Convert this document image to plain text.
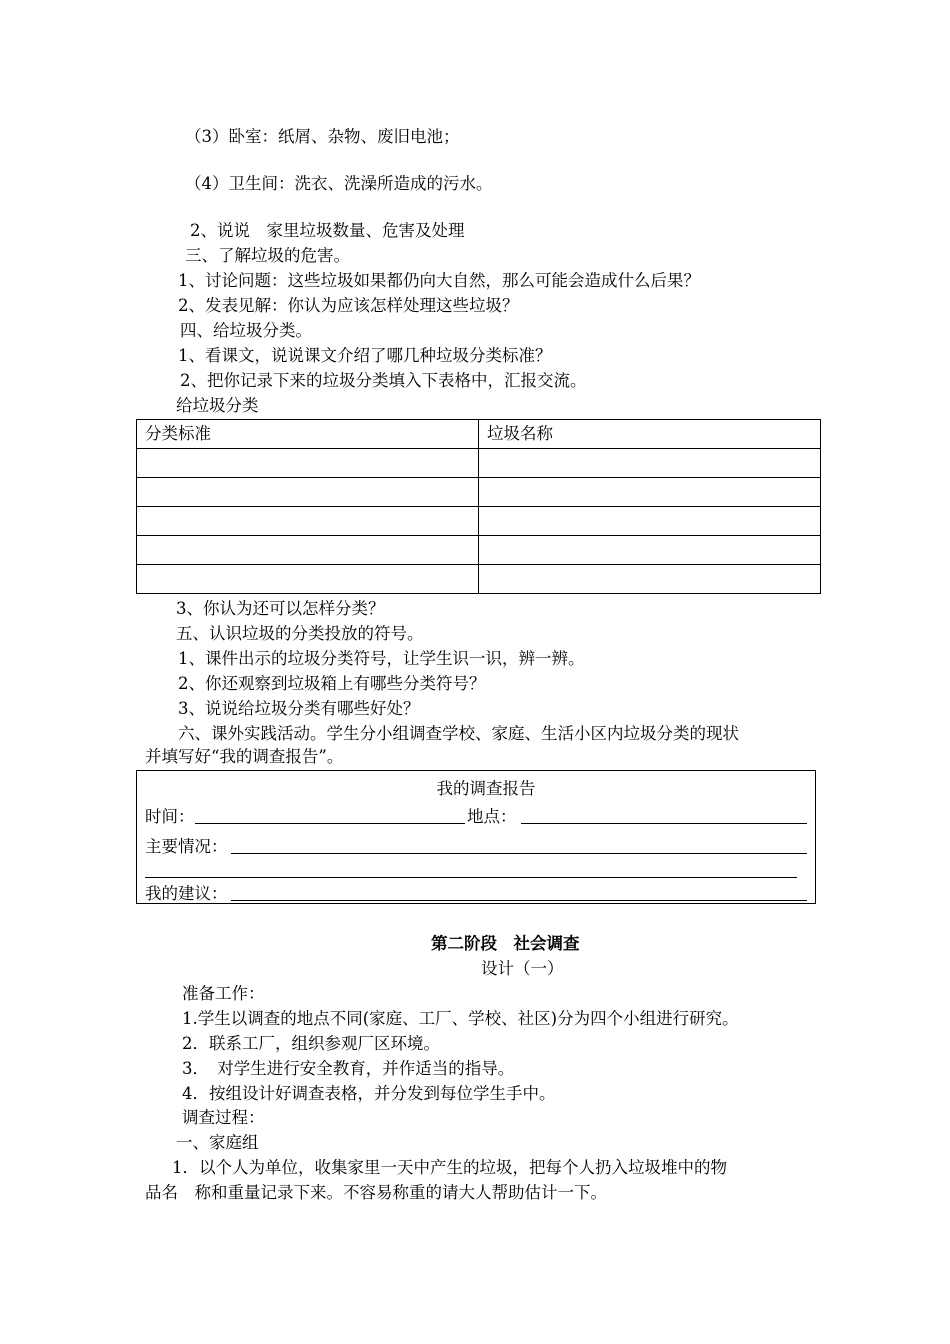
（3）卧室：纸屑、杂物、废旧电池；
（4）卫生间：洗衣、洗澡所造成的污水。
2、说说　家里垃圾数量、危害及处理
三、了解垃圾的危害。
1、讨论问题：这些垃圾如果都仍向大自然，那么可能会造成什么后果？
2、发表见解：你认为应该怎样处理这些垃圾？
四、给垃圾分类。
1、看课文，说说课文介绍了哪几种垃圾分类标准？
2、把你记录下来的垃圾分类填入下表格中，汇报交流。
给垃圾分类
分类标准	垃圾名称

3、你认为还可以怎样分类？
五、认识垃圾的分类投放的符号。
1、课件出示的垃圾分类符号，让学生识一识，辨一辨。
2、你还观察到垃圾箱上有哪些分类符号？
3、说说给垃圾分类有哪些好处？
六、课外实践活动。学生分小组调查学校、家庭、生活小区内垃圾分类的现状
并填写好“我的调查报告”。
我的调查报告
时间：	地点：
主要情况：
我的建议：
第二阶段　社会调查
设计（一）
准备工作：
1.学生以调查的地点不同(家庭、工厂、学校、社区)分为四个小组进行研究。
2．联系工厂，组织参观厂区环境。
3．　对学生进行安全教育，并作适当的指导。
4．按组设计好调查表格，并分发到每位学生手中。
调查过程：
一、家庭组
1．以个人为单位，收集家里一天中产生的垃圾，把每个人扔入垃圾堆中的物
品名　称和重量记录下来。不容易称重的请大人帮助估计一下。
